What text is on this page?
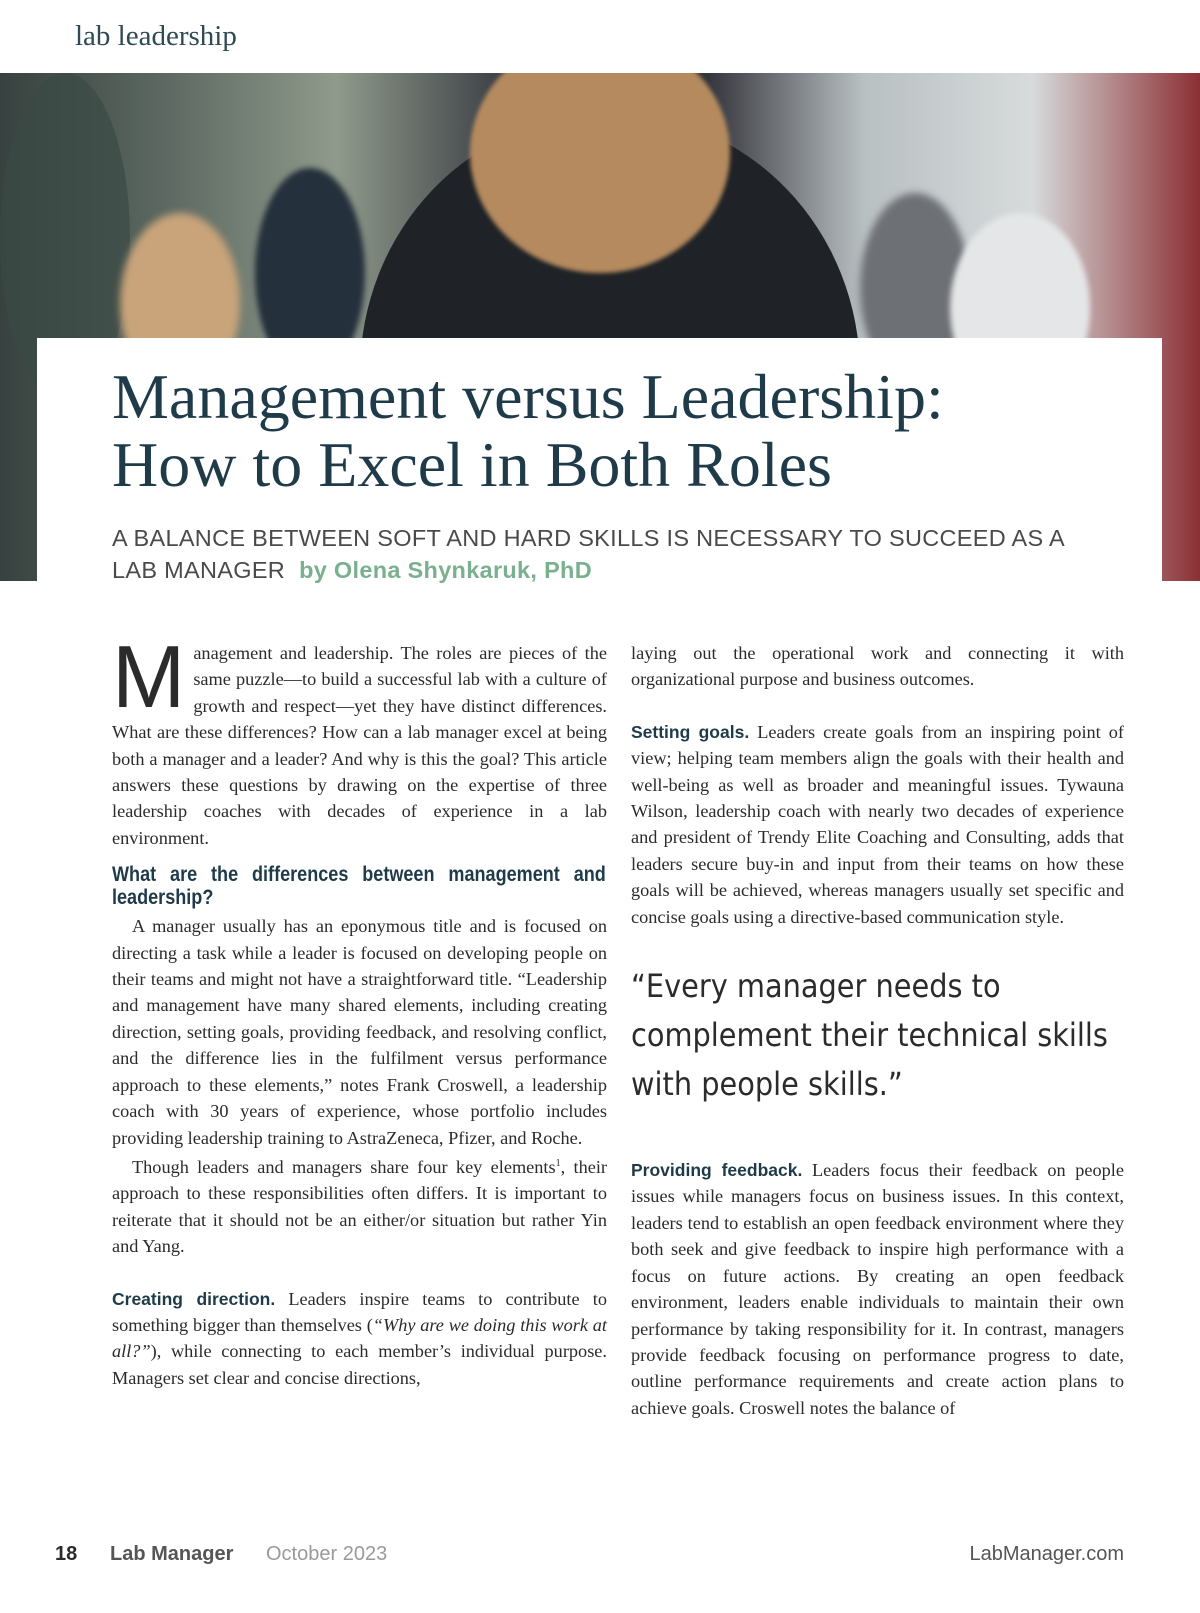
lab leadership
Management versus Leadership:
How to Excel in Both Roles
A BALANCE BETWEEN SOFT AND HARD SKILLS IS NECESSARY TO SUCCEED AS A LAB MANAGER by Olena Shynkaruk, PhD

Management and leadership. The roles are pieces of the same puzzle—to build a successful lab with a culture of growth and respect—yet they have distinct differences. What are these differences? How can a lab manager excel at being both a manager and a leader? And why is this the goal? This article answers these questions by drawing on the expertise of three leadership coaches with decades of experience in a lab environment.

What are the differences between management and leadership?

A manager usually has an eponymous title and is focused on directing a task while a leader is focused on developing people on their teams and might not have a straightforward title. “Leadership and management have many shared elements, including creating direction, setting goals, providing feedback, and resolving conflict, and the difference lies in the fulfilment versus performance approach to these elements,” notes Frank Croswell, a leadership coach with 30 years of experience, whose portfolio includes providing leadership training to AstraZeneca, Pfizer, and Roche.

Though leaders and managers share four key elements$^1$, their approach to these responsibilities often differs. It is important to reiterate that it should not be an either/or situation but rather Yin and Yang.

Creating direction. Leaders inspire teams to contribute to something bigger than themselves (“Why are we doing this work at all?”), while connecting to each member’s individual purpose. Managers set clear and concise directions,

laying out the operational work and connecting it with organizational purpose and business outcomes.

Setting goals. Leaders create goals from an inspiring point of view; helping team members align the goals with their health and well-being as well as broader and meaningful issues. Tywauna Wilson, leadership coach with nearly two decades of experience and president of Trendy Elite Coaching and Consulting, adds that leaders secure buy-in and input from their teams on how these goals will be achieved, whereas managers usually set specific and concise goals using a directive-based communication style.

“Every manager needs to complement their technical skills with people skills.”

Providing feedback. Leaders focus their feedback on people issues while managers focus on business issues. In this context, leaders tend to establish an open feedback environment where they both seek and give feedback to inspire high performance with a focus on future actions. By creating an open feedback environment, leaders enable individuals to maintain their own performance by taking responsibility for it. In contrast, managers provide feedback focusing on performance progress to date, outline performance requirements and create action plans to achieve goals. Croswell notes the balance of

18 Lab Manager October 2023	LabManager.com
